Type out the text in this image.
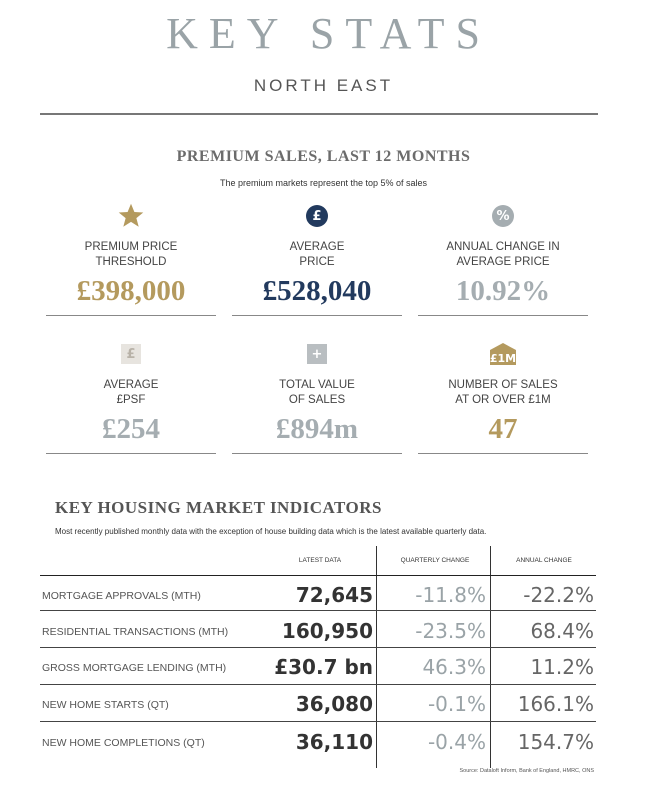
KEY STATS
NORTH EAST
PREMIUM SALES, LAST 12 MONTHS
The premium markets represent the top 5% of sales
PREMIUM PRICE
THRESHOLD
£398,000
£
AVERAGE
PRICE
£528,040
%
ANNUAL CHANGE IN
AVERAGE PRICE
10.92%
£
AVERAGE
£PSF
£254
+
TOTAL VALUE
OF SALES
£894m
£1M
NUMBER OF SALES
AT OR OVER £1M
47
KEY HOUSING MARKET INDICATORS
Most recently published monthly data with the exception of house building data which is the latest available quarterly data.
LATEST DATA	QUARTERLY CHANGE	ANNUAL CHANGE
MORTGAGE APPROVALS (MTH)	72,645 -11.8% -22.2%
RESIDENTIAL TRANSACTIONS (MTH)	160,950 -23.5% 68.4%
GROSS MORTGAGE LENDING (MTH) £30.7 bn 46.3% 11.2%
NEW HOME STARTS (QT)	36,080	-0.1% 166.1%
NEW HOME COMPLETIONS (QT)	36,110	-0.4% 154.7%
Source: Dataloft Inform, Bank of England, HMRC, ONS
